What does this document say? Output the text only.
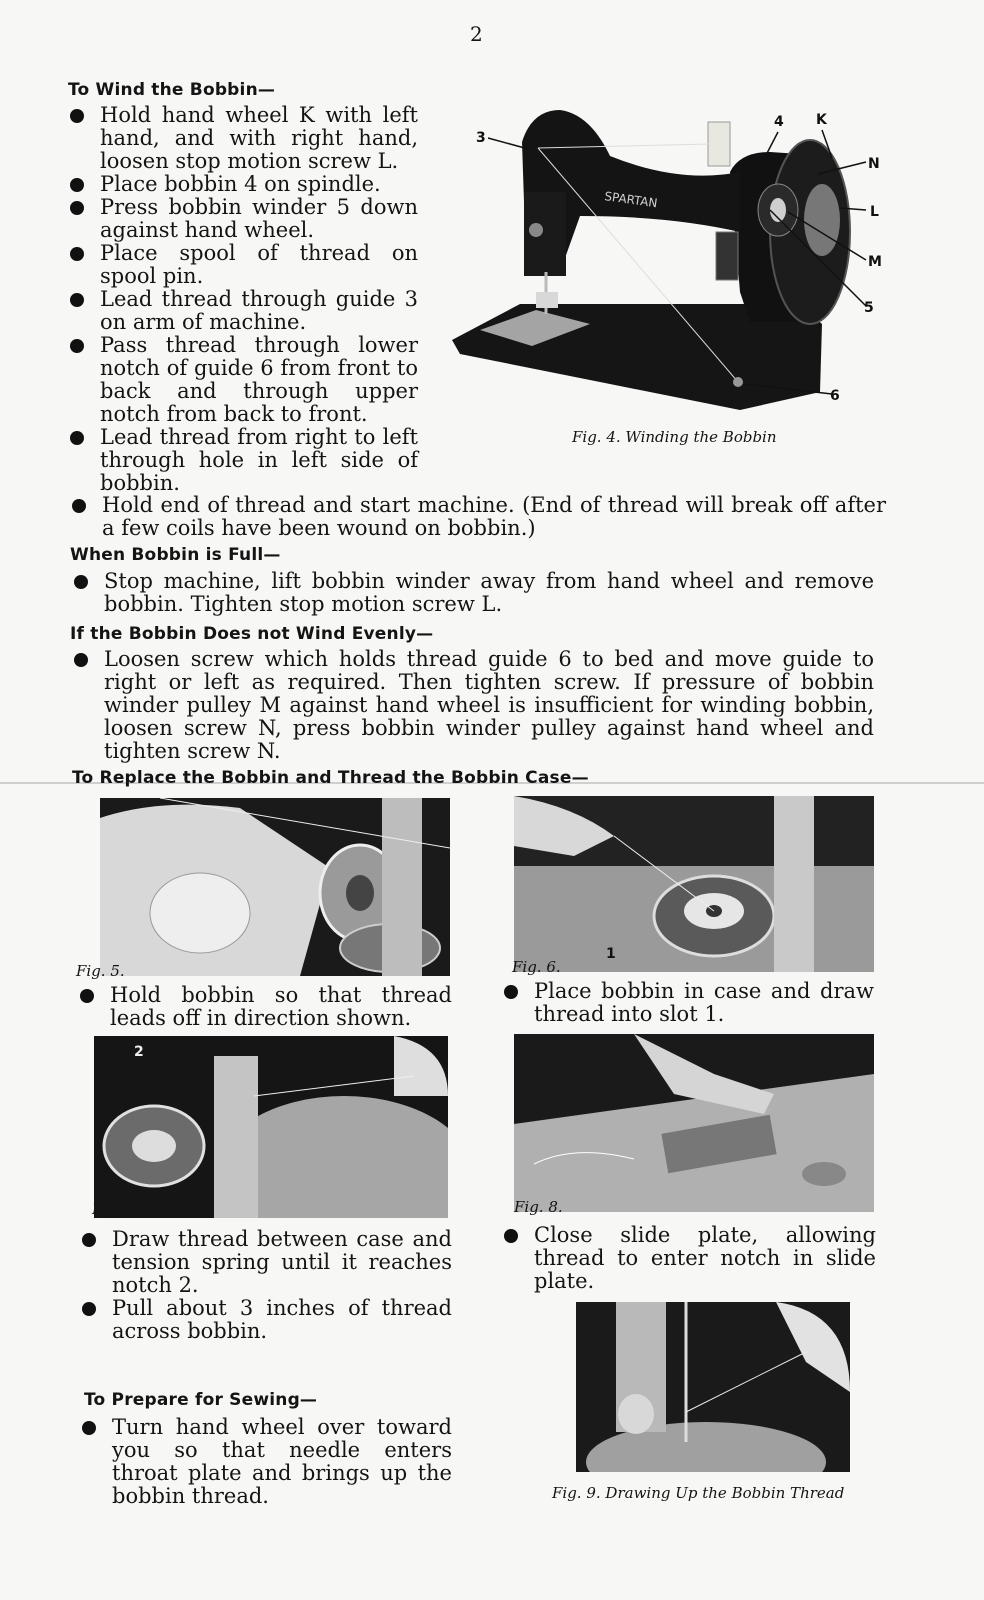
2
To Wind the Bobbin—
Hold hand wheel K with left hand, and with right hand, loosen stop motion screw L.
Place bobbin 4 on spindle.
Press bobbin winder 5 down against hand wheel.
Place spool of thread on spool pin.
Lead thread through guide 3 on arm of machine.
Pass thread through lower notch of guide 6 from front to back and through upper notch from back to front.
Lead thread from right to left through hole in left side of bobbin.
Hold end of thread and start machine. (End of thread will break off after a few coils have been wound on bobbin.)
SPARTAN
3
4 K
N
L
M
5
6
Fig. 4. Winding the Bobbin
When Bobbin is Full—
Stop machine, lift bobbin winder away from hand wheel and remove bobbin. Tighten stop motion screw L.
If the Bobbin Does not Wind Evenly—
Loosen screw which holds thread guide 6 to bed and move guide to right or left as required. Then tighten screw. If pressure of bobbin winder pulley M against hand wheel is insufficient for winding bobbin, loosen screw N, press bobbin winder pulley against hand wheel and tighten screw N.
To Replace the Bobbin and Thread the Bobbin Case—
Fig. 5.
Hold bobbin so that thread leads off in direction shown.
1
Fig. 6.
Place bobbin in case and draw thread into slot 1.
2
Fig. 7.
Draw thread between case and tension spring until it reaches notch 2.
Pull about 3 inches of thread across bobbin.
Fig. 8.
Close slide plate, allowing thread to enter notch in slide plate.
To Prepare for Sewing—
Turn hand wheel over toward you so that needle enters throat plate and brings up the bobbin thread.	Fig. 9. Drawing Up the Bobbin Thread
